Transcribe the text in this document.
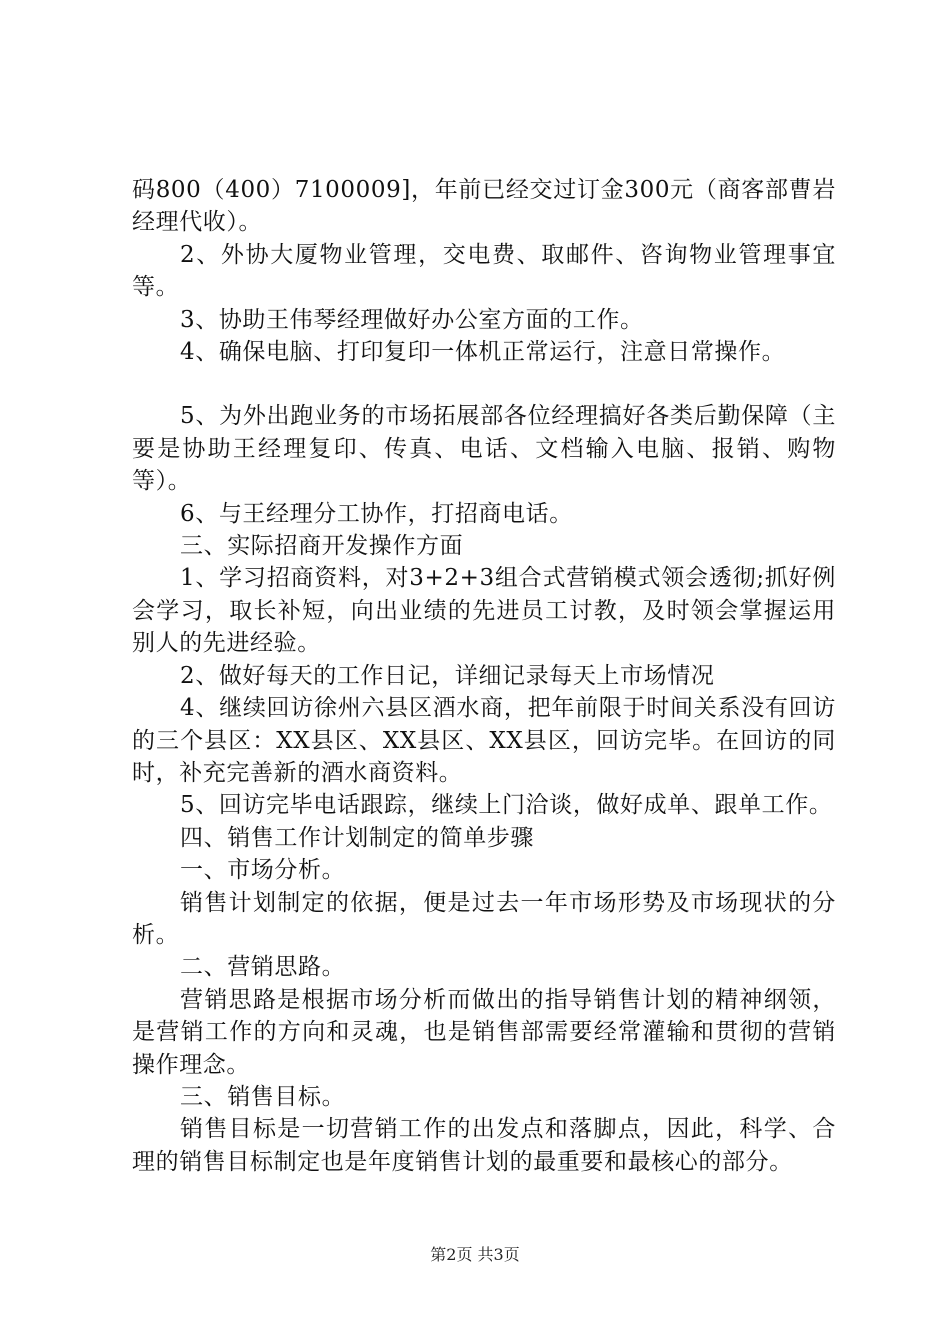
码800（400）7100009]，年前已经交过订金300元（商客部曹岩经理代收）。

2、外协大厦物业管理，交电费、取邮件、咨询物业管理事宜等。

3、协助王伟琴经理做好办公室方面的工作。

4、确保电脑、打印复印一体机正常运行，注意日常操作。

5、为外出跑业务的市场拓展部各位经理搞好各类后勤保障（主要是协助王经理复印、传真、电话、文档输入电脑、报销、购物等）。

6、与王经理分工协作，打招商电话。

三、实际招商开发操作方面

1、学习招商资料，对3+2+3组合式营销模式领会透彻;抓好例会学习，取长补短，向出业绩的先进员工讨教，及时领会掌握运用别人的先进经验。

2、做好每天的工作日记，详细记录每天上市场情况

4、继续回访徐州六县区酒水商，把年前限于时间关系没有回访的三个县区：XX县区、XX县区、XX县区，回访完毕。在回访的同时，补充完善新的酒水商资料。

5、回访完毕电话跟踪，继续上门洽谈，做好成单、跟单工作。

四、销售工作计划制定的简单步骤

一、市场分析。

销售计划制定的依据，便是过去一年市场形势及市场现状的分析。

二、营销思路。

营销思路是根据市场分析而做出的指导销售计划的精神纲领，是营销工作的方向和灵魂，也是销售部需要经常灌输和贯彻的营销操作理念。

三、销售目标。

销售目标是一切营销工作的出发点和落脚点，因此，科学、合理的销售目标制定也是年度销售计划的最重要和最核心的部分。

第2页 共3页
